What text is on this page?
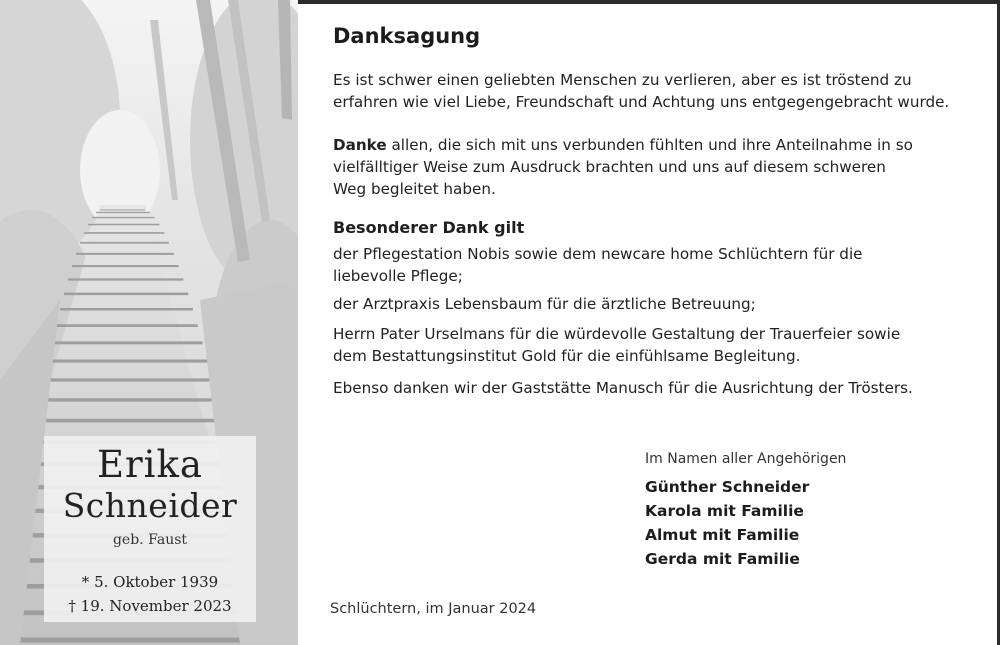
Erika
Schneider
geb. Faust
* 5. Oktober 1939
† 19. November 2023
Danksagung
Es ist schwer einen geliebten Menschen zu verlieren, aber es ist tröstend zu
erfahren wie viel Liebe, Freundschaft und Achtung uns entgegengebracht wurde.
Danke allen, die sich mit uns verbunden fühlten und ihre Anteilnahme in so
vielfälltiger Weise zum Ausdruck brachten und uns auf diesem schweren
Weg begleitet haben.
Besonderer Dank gilt
der Pflegestation Nobis sowie dem newcare home Schlüchtern für die
liebevolle Pflege;
der Arztpraxis Lebensbaum für die ärztliche Betreuung;
Herrn Pater Urselmans für die würdevolle Gestaltung der Trauerfeier sowie
dem Bestattungsinstitut Gold für die einfühlsame Begleitung.
Ebenso danken wir der Gaststätte Manusch für die Ausrichtung der Trösters.
Im Namen aller Angehörigen
Günther Schneider
Karola mit Familie
Almut mit Familie
Gerda mit Familie
Schlüchtern, im Januar 2024
